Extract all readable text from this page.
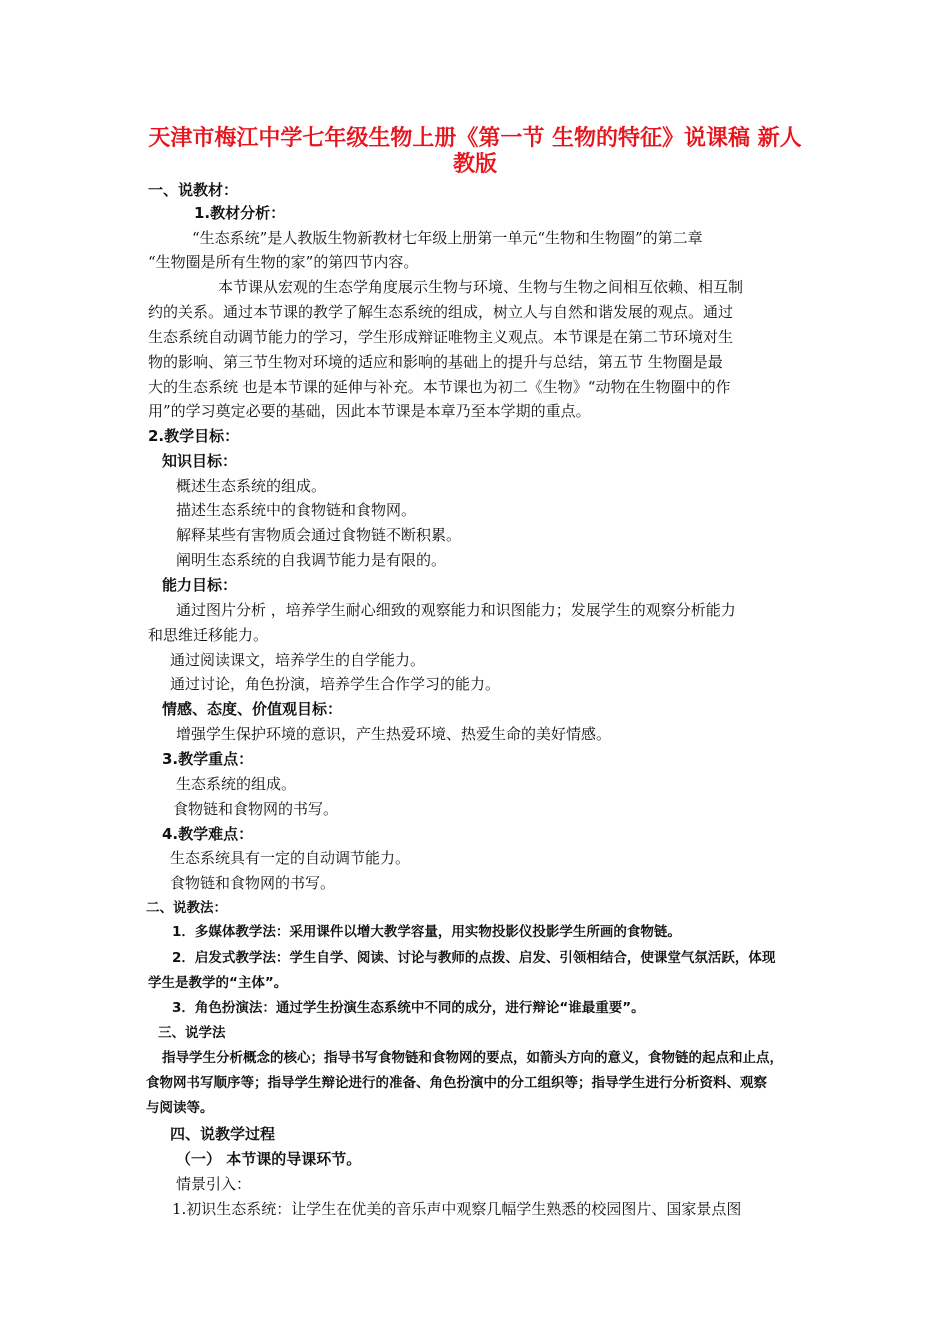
天津市梅江中学七年级生物上册《第一节 生物的特征》说课稿 新人教版
一、说教材：
1.教材分析：
“生态系统”是人教版生物新教材七年级上册第一单元“生物和生物圈”的第二章
“生物圈是所有生物的家”的第四节内容。
本节课从宏观的生态学角度展示生物与环境、生物与生物之间相互依赖、相互制
约的关系。通过本节课的教学了解生态系统的组成，树立人与自然和谐发展的观点。通过
生态系统自动调节能力的学习，学生形成辩证唯物主义观点。本节课是在第二节环境对生
物的影响、第三节生物对环境的适应和影响的基础上的提升与总结，第五节 生物圈是最
大的生态系统 也是本节课的延伸与补充。本节课也为初二《生物》“动物在生物圈中的作
用”的学习奠定必要的基础，因此本节课是本章乃至本学期的重点。
2.教学目标：
知识目标：
概述生态系统的组成。
描述生态系统中的食物链和食物网。
解释某些有害物质会通过食物链不断积累。
阐明生态系统的自我调节能力是有限的。
能力目标：
通过图片分析 ，培养学生耐心细致的观察能力和识图能力；发展学生的观察分析能力
和思维迁移能力。
通过阅读课文，培养学生的自学能力。
通过讨论，角色扮演，培养学生合作学习的能力。
情感、态度、价值观目标：
增强学生保护环境的意识，产生热爱环境、热爱生命的美好情感。
3.教学重点：
生态系统的组成。
食物链和食物网的书写。
4.教学难点：
生态系统具有一定的自动调节能力。
食物链和食物网的书写。
二、说教法：
1．多媒体教学法：采用课件以增大教学容量，用实物投影仪投影学生所画的食物链。
2．启发式教学法：学生自学、阅读、讨论与教师的点拨、启发、引领相结合，使课堂气氛活跃，体现
学生是教学的“主体”。
3．角色扮演法：通过学生扮演生态系统中不同的成分，进行辩论“谁最重要”。
三、说学法
指导学生分析概念的核心；指导书写食物链和食物网的要点，如箭头方向的意义，食物链的起点和止点，
食物网书写顺序等；指导学生辩论进行的准备、角色扮演中的分工组织等；指导学生进行分析资料、观察
与阅读等。
四、说教学过程
（一） 本节课的导课环节。
情景引入：
1.初识生态系统：让学生在优美的音乐声中观察几幅学生熟悉的校园图片、国家景点图
